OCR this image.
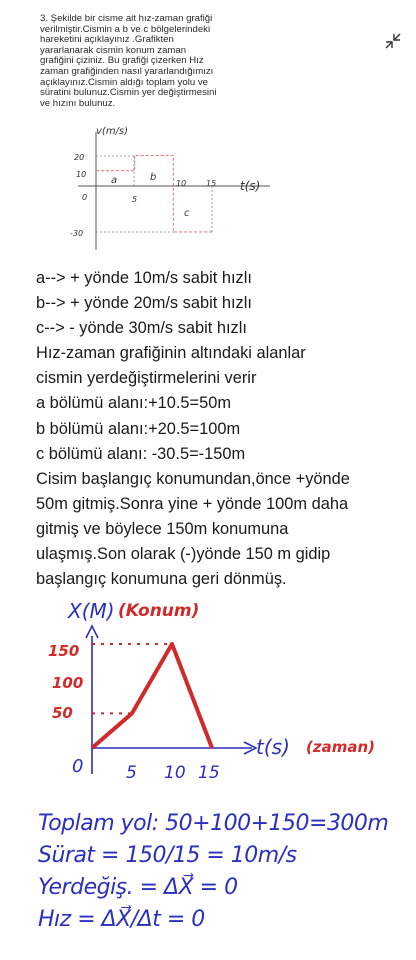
3. Şekilde bir cisme ait hız-zaman grafiği
verilmiştir.Cismin a b ve c bölgelerindeki
hareketini açıklayınız .Grafikten
yararlanarak cismin konum zaman
grafiğini çiziniz. Bu grafiği çizerken Hız
zaman grafiğinden nasıl yararlandığımızı
açıklayınız.Cismin aldığı toplam yolu ve
süratini bulunuz.Cismin yer değiştirmesini
ve hızını bulunuz.
v(m/s)
t(s)
20
10
0
-30
5
10 15
a	b
c
a--> + yönde 10m/s sabit hızlı
b--> + yönde 20m/s sabit hızlı
c--> - yönde 30m/s sabit hızlı
Hız-zaman grafiğinin altındaki alanlar
cismin yerdeğiştirmelerini verir
a bölümü alanı:+10.5=50m
b bölümü alanı:+20.5=100m
c bölümü alanı: -30.5=-150m
Cisim başlangıç konumundan,önce +yönde
50m gitmiş.Sonra yine + yönde 100m daha
gitmiş ve böylece 150m konumuna
ulaşmış.Son olarak (-)yönde 150 m gidip
başlangıç konumuna geri dönmüş.
X(M) (Konum)
t(s) (zaman)
150
100
50
0	5 10 15
Toplam yol: 50+100+150=300m
Sürat = 150/15 = 10m/s
Yerdeğiş. = ΔX⃗ = 0
Hız = ΔX⃗/Δt = 0
